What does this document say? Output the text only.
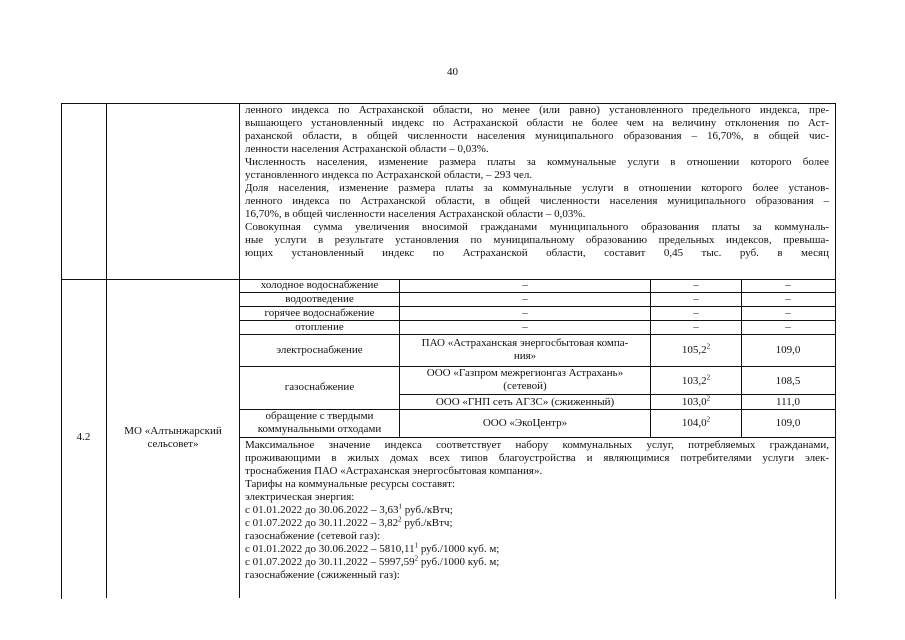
40
ленного индекса по Астраханской области, но менее (или равно) установленного предельного индекса, пре-
вышающего установленный индекс по Астраханской области не более чем на величину отклонения по Аст-
раханской области, в общей численности населения муниципального образования – 16,70%, в общей чис-
ленности населения Астраханской области – 0,03%.
Численность населения, изменение размера платы за коммунальные услуги в отношении которого более
установленного индекса по Астраханской области, – 293 чел.
Доля населения, изменение размера платы за коммунальные услуги в отношении которого более установ-
ленного индекса по Астраханской области, в общей численности населения муниципального образования –
16,70%, в общей численности населения Астраханской области – 0,03%.
Совокупная сумма увеличения вносимой гражданами муниципального образования платы за коммуналь-
ные услуги в результате установления по муниципальному образованию предельных индексов, превыша-
ющих установленный индекс по Астраханской области, составит 0,45 тыс. руб. в месяц
4.2	МО «Алтынжарский
сельсовет»
холодное водоснабжение
водоотведение
горячее водоснабжение
отопление
электроснабжение
газоснабжение
обращение с твердыми
коммунальными отходами
–
–
–
–
ПАО «Астраханская энергосбытовая компа-
ния»
ООО «Газпром межрегионгаз Астрахань»
(сетевой)
ООО «ГНП сеть АГЗС» (сжиженный)
ООО «ЭкоЦентр»
–
–
–
–
105,2$^2$
103,2$^2$
103,0$^2$
104,0$^2$
–
–
–
–
109,0
108,5
111,0
109,0
Максимальное значение индекса соответствует набору коммунальных услуг, потребляемых гражданами,
проживающими в жилых домах всех типов благоустройства и являющимися потребителями услуги элек-
троснабжения ПАО «Астраханская энергосбытовая компания».
Тарифы на коммунальные ресурсы составят:
электрическая энергия:
с 01.01.2022 до 30.06.2022 – 3,63$^1$ руб./кВтч;
с 01.07.2022 до 30.11.2022 – 3,82$^2$ руб./кВтч;
газоснабжение (сетевой газ):
с 01.01.2022 до 30.06.2022 – 5810,11$^1$ руб./1000 куб. м;
с 01.07.2022 до 30.11.2022 – 5997,59$^2$ руб./1000 куб. м;
газоснабжение (сжиженный газ):
